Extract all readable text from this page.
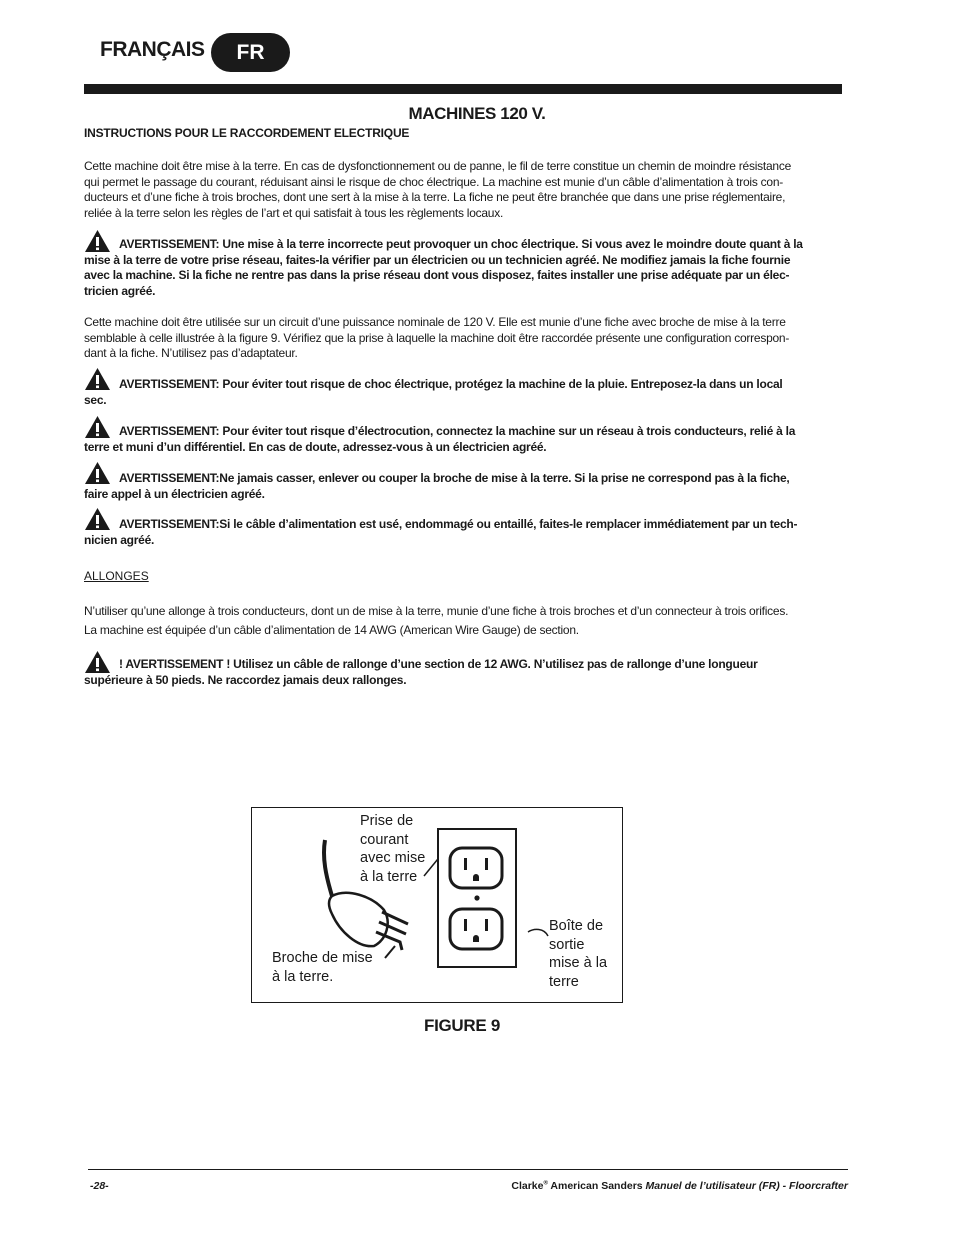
FRANÇAIS	FR
MACHINES 120 V.
INSTRUCTIONS POUR LE RACCORDEMENT ELECTRIQUE
Cette machine doit être mise à la terre. En cas de dysfonctionnement ou de panne, le fil de terre constitue un chemin de moindre résistance
qui permet le passage du courant, réduisant ainsi le risque de choc électrique. La machine est munie d’un câble d’alimentation à trois con-
ducteurs et d’une fiche à trois broches, dont une sert à la mise à la terre. La fiche ne peut être branchée que dans une prise réglementaire,
reliée à la terre selon les règles de l’art et qui satisfait à tous les règlements locaux.
AVERTISSEMENT: Une mise à la terre incorrecte peut provoquer un choc électrique. Si vous avez le moindre doute quant à la
mise à la terre de votre prise réseau, faites-la vérifier par un électricien ou un technicien agréé. Ne modifiez jamais la fiche fournie
avec la machine. Si la fiche ne rentre pas dans la prise réseau dont vous disposez, faites installer une prise adéquate par un élec-
tricien agréé.
Cette machine doit être utilisée sur un circuit d’une puissance nominale de 120 V. Elle est munie d’une fiche avec broche de mise à la terre
semblable à celle illustrée à la figure 9. Vérifiez que la prise à laquelle la machine doit être raccordée présente une configuration correspon-
dant à la fiche. N’utilisez pas d’adaptateur.
AVERTISSEMENT: Pour éviter tout risque de choc électrique, protégez la machine de la pluie. Entreposez-la dans un local
sec.
AVERTISSEMENT: Pour éviter tout risque d’électrocution, connectez la machine sur un réseau à trois conducteurs, relié à la
terre et muni d’un différentiel. En cas de doute, adressez-vous à un électricien agréé.
AVERTISSEMENT:Ne jamais casser, enlever ou couper la broche de mise à la terre. Si la prise ne correspond pas à la fiche,
faire appel à un électricien agréé.
AVERTISSEMENT:Si le câble d’alimentation est usé, endommagé ou entaillé, faites-le remplacer immédiatement par un tech-
nicien agréé.
ALLONGES
N’utiliser qu’une allonge à trois conducteurs, dont un de mise à la terre, munie d’une fiche à trois broches et d’un connecteur à trois orifices.
La machine est équipée d’un câble d’alimentation de 14 AWG (American Wire Gauge) de section.
! AVERTISSEMENT ! Utilisez un câble de rallonge d’une section de 12 AWG. N’utilisez pas de rallonge d’une longueur
supérieure à 50 pieds. Ne raccordez jamais deux rallonges.
Prise de
courant
avec mise
à la terre
Broche de mise
à la terre.
Boîte de
sortie
mise à la
terre
FIGURE 9
-28-	Clarke® American Sanders Manuel de l’utilisateur (FR) - Floorcrafter
